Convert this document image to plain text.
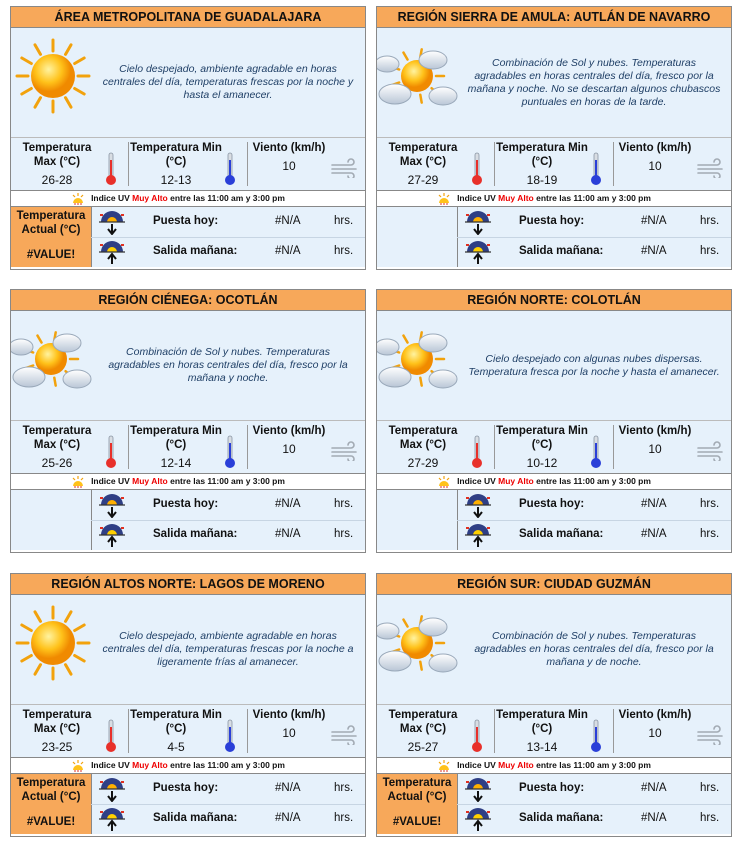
ÁREA METROPOLITANA DE GUADALAJARA
Cielo despejado, ambiente agradable en horas centrales del día, temperaturas frescas por la noche y hasta el amanecer.
Temperatura Max (°C)
26-28
Temperatura Min (°C)
12-13
Viento (km/h)
10
Indice UV Muy Alto entre las 11:00 am y 3:00 pm
Temperatura Actual (°C)
#VALUE!
Puesta hoy:	#N/A	hrs.
Salida mañana:	#N/A	hrs.
REGIÓN SIERRA DE AMULA: AUTLÁN DE NAVARRO
Combinación de Sol y nubes. Temperaturas agradables en horas centrales del día, fresco por la mañana y noche. No se descartan algunos chubascos puntuales en horas de la tarde.
Temperatura Max (°C)
27-29
Temperatura Min (°C)
18-19
Viento (km/h)
10
Indice UV Muy Alto entre las 11:00 am y 3:00 pm
Puesta hoy:	#N/A	hrs.
Salida mañana:	#N/A	hrs.
REGIÓN CIÉNEGA: OCOTLÁN
Combinación de Sol y nubes. Temperaturas agradables en horas centrales del día, fresco por la mañana y noche.
Temperatura Max (°C)
25-26
Temperatura Min (°C)
12-14
Viento (km/h)
10
Indice UV Muy Alto entre las 11:00 am y 3:00 pm
Puesta hoy:	#N/A	hrs.
Salida mañana:	#N/A	hrs.
REGIÓN NORTE: COLOTLÁN
Cielo despejado con algunas nubes dispersas. Temperatura fresca por la noche y hasta el amanecer.
Temperatura Max (°C)
27-29
Temperatura Min (°C)
10-12
Viento (km/h)
10
Indice UV Muy Alto entre las 11:00 am y 3:00 pm
Puesta hoy:	#N/A	hrs.
Salida mañana:	#N/A	hrs.
REGIÓN ALTOS NORTE: LAGOS DE MORENO
Cielo despejado, ambiente agradable en horas centrales del día, temperaturas frescas por la noche a ligeramente frías al amanecer.
Temperatura Max (°C)
23-25
Temperatura Min (°C)
4-5
Viento (km/h)
10
Indice UV Muy Alto entre las 11:00 am y 3:00 pm
Temperatura Actual (°C)
#VALUE!
Puesta hoy:	#N/A	hrs.
Salida mañana:	#N/A	hrs.
REGIÓN SUR: CIUDAD GUZMÁN
Combinación de Sol y nubes. Temperaturas agradables en horas centrales del día, fresco por la mañana y de noche.
Temperatura Max (°C)
25-27
Temperatura Min (°C)
13-14
Viento (km/h)
10
Indice UV Muy Alto entre las 11:00 am y 3:00 pm
Temperatura Actual (°C)
#VALUE!
Puesta hoy:	#N/A	hrs.
Salida mañana:	#N/A	hrs.
